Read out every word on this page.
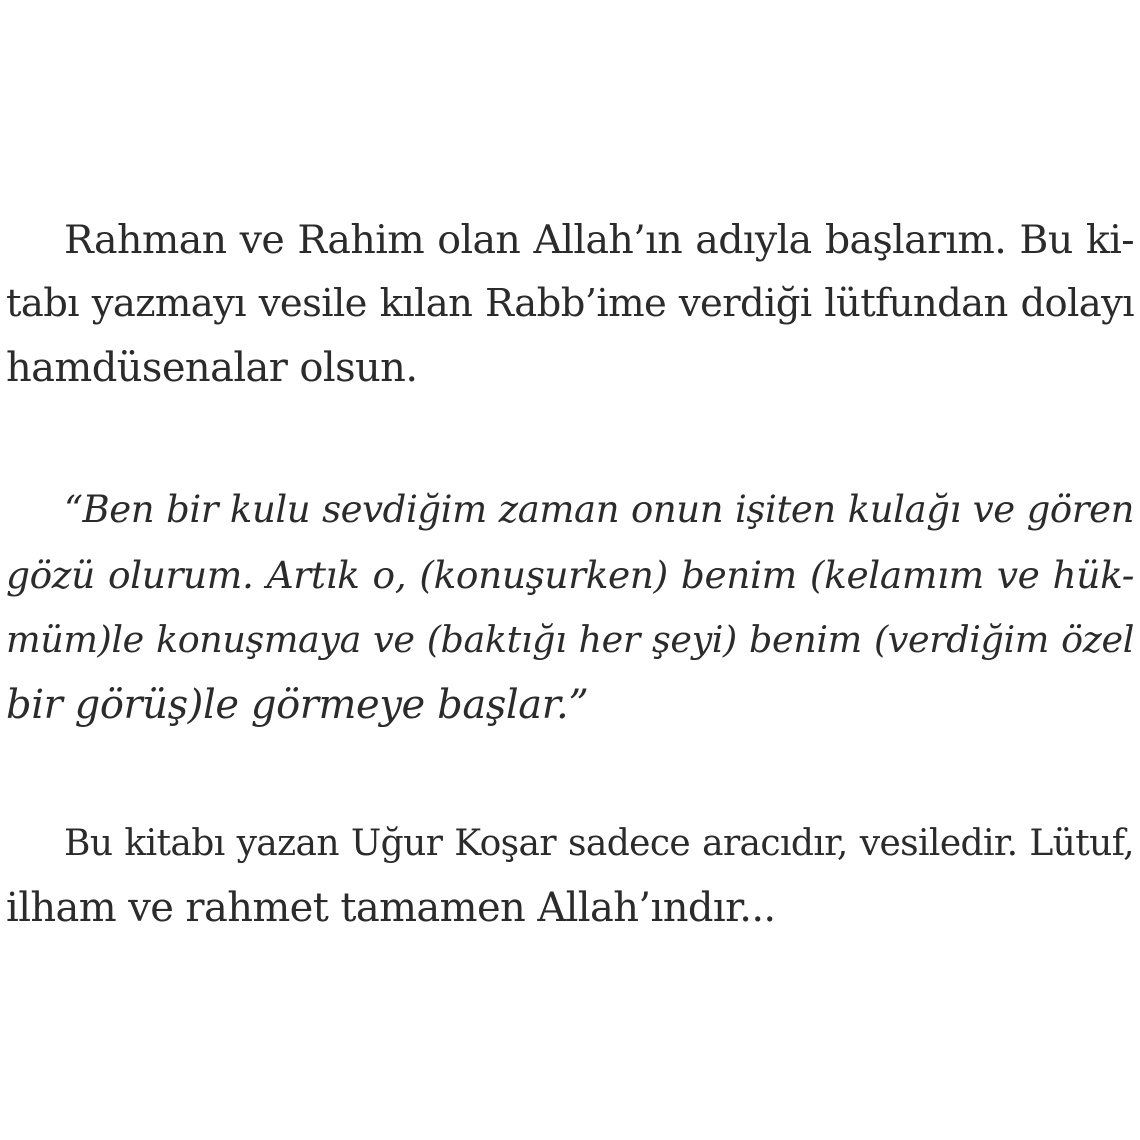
Rahman ve Rahim olan Allah’ın adıyla başlarım. Bu ki-
tabı yazmayı vesile kılan Rabb’ime verdiği lütfundan dolayı
hamdüsenalar olsun.
“Ben bir kulu sevdiğim zaman onun işiten kulağı ve gören
gözü olurum. Artık o, (konuşurken) benim (kelamım ve hük-
müm)le konuşmaya ve (baktığı her şeyi) benim (verdiğim özel
bir görüş)le görmeye başlar.”
Bu kitabı yazan Uğur Koşar sadece aracıdır, vesiledir. Lütuf,
ilham ve rahmet tamamen Allah’ındır...
